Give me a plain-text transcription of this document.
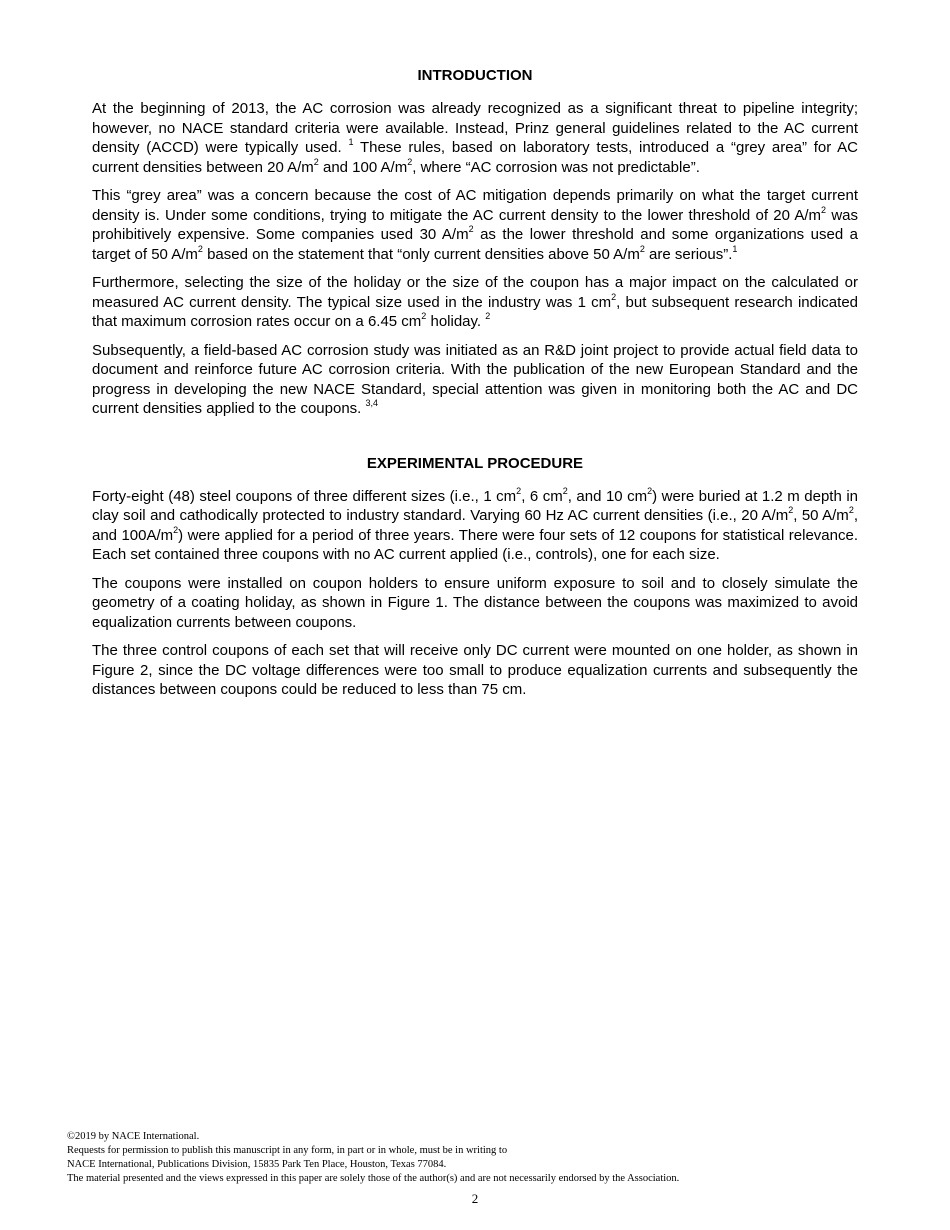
INTRODUCTION

At the beginning of 2013, the AC corrosion was already recognized as a significant threat to pipeline integrity; however, no NACE standard criteria were available. Instead, Prinz general guidelines related to the AC current density (ACCD) were typically used. $^1$ These rules, based on laboratory tests, introduced a “grey area” for AC current densities between 20 $A/m^2$ and 100 $A/m^2$, where “AC corrosion was not predictable”.

This “grey area” was a concern because the cost of AC mitigation depends primarily on what the target current density is. Under some conditions, trying to mitigate the AC current density to the lower threshold of 20 $A/m^2$ was prohibitively expensive. Some companies used 30 $A/m^2$ as the lower threshold and some organizations used a target of 50 $A/m^2$ based on the statement that “only current densities above 50 $A/m^2$ are serious”.$^1$

Furthermore, selecting the size of the holiday or the size of the coupon has a major impact on the calculated or measured AC current density. The typical size used in the industry was 1 $cm^2$, but subsequent research indicated that maximum corrosion rates occur on a 6.45 $cm^2$ holiday. $^2$

Subsequently, a field-based AC corrosion study was initiated as an R&D joint project to provide actual field data to document and reinforce future AC corrosion criteria. With the publication of the new European Standard and the progress in developing the new NACE Standard, special attention was given in monitoring both the AC and DC current densities applied to the coupons. $^{3,4}$

EXPERIMENTAL PROCEDURE

Forty-eight (48) steel coupons of three different sizes (i.e., 1 $cm^2$, 6 $cm^2$, and 10 $cm^2$) were buried at 1.2 m depth in clay soil and cathodically protected to industry standard. Varying 60 Hz AC current densities (i.e., 20 $A/m^2$, 50 $A/m^2$, and $100A/m^2$) were applied for a period of three years. There were four sets of 12 coupons for statistical relevance. Each set contained three coupons with no AC current applied (i.e., controls), one for each size.

The coupons were installed on coupon holders to ensure uniform exposure to soil and to closely simulate the geometry of a coating holiday, as shown in Figure 1. The distance between the coupons was maximized to avoid equalization currents between coupons.

The three control coupons of each set that will receive only DC current were mounted on one holder, as shown in Figure 2, since the DC voltage differences were too small to produce equalization currents and subsequently the distances between coupons could be reduced to less than 75 cm.

©2019 by NACE International.
Requests for permission to publish this manuscript in any form, in part or in whole, must be in writing to
NACE International, Publications Division, 15835 Park Ten Place, Houston, Texas 77084.
The material presented and the views expressed in this paper are solely those of the author(s) and are not necessarily endorsed by the Association.
2
